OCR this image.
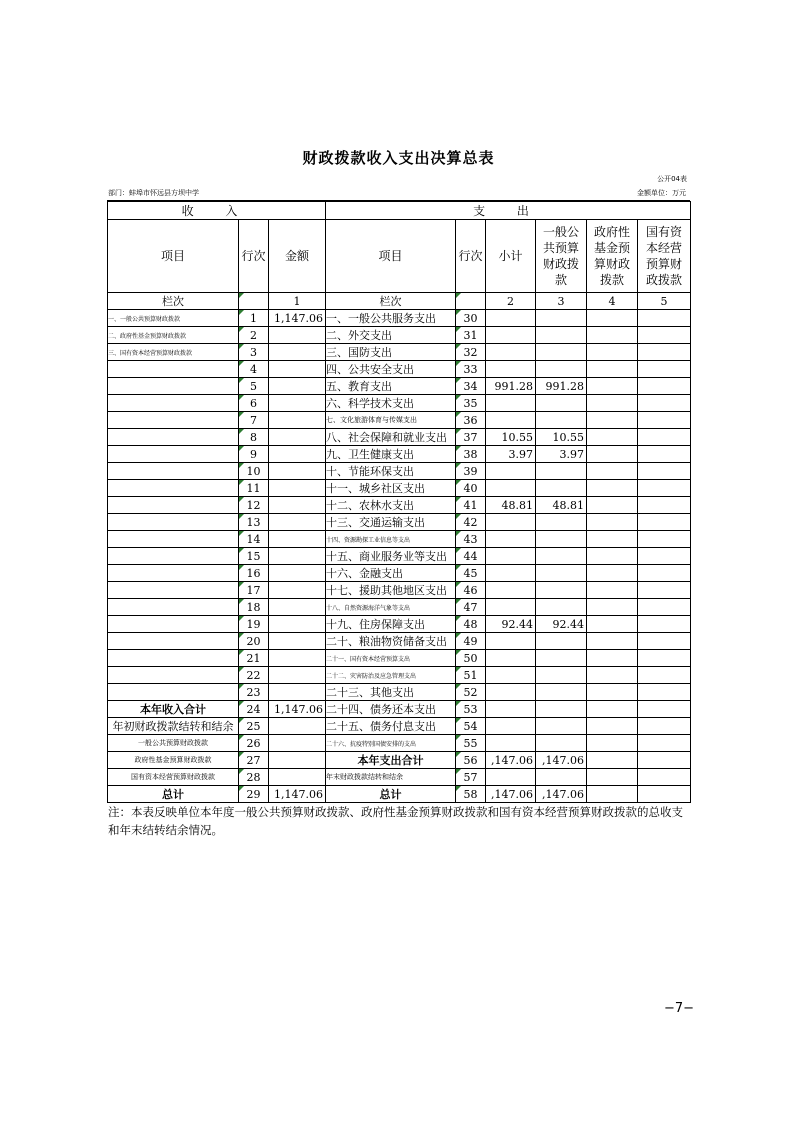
财政拨款收入支出决算总表
公开04表
部门：蚌埠市怀远县方坝中学	金额单位：万元
收 入			支 出					
项目	行次	金额	项目	行次	小计	一般公共预算财政拨款	政府性基金预算财政拨款	国有资本经营预算财政拨款
栏次		1	栏次		2	3	4	5
一、一般公共预算财政拨款	1	1,147.06	一、一般公共服务支出	30				
二、政府性基金预算财政拨款	2		二、外交支出	31				
三、国有资本经营预算财政拨款	3		三、国防支出	32				
	4		四、公共安全支出	33				
	5		五、教育支出	34	991.28	991.28		
	6		六、科学技术支出	35				
	7		七、文化旅游体育与传媒支出	36				
	8		八、社会保障和就业支出	37	10.55	10.55		
	9		九、卫生健康支出	38	3.97	3.97		
	10		十、节能环保支出	39				
	11		十一、城乡社区支出	40				
	12		十二、农林水支出	41	48.81	48.81		
	13		十三、交通运输支出	42				
	14		十四、资源勘探工业信息等支出	43				
	15		十五、商业服务业等支出	44				
	16		十六、金融支出	45				
	17		十七、援助其他地区支出	46				
	18		十八、自然资源海洋气象等支出	47				
	19		十九、住房保障支出	48	92.44	92.44		
	20		二十、粮油物资储备支出	49				
	21		二十一、国有资本经营预算支出	50				
	22		二十二、灾害防治及应急管理支出	51				
	23		二十三、其他支出	52				
本年收入合计	24	1,147.06	二十四、债务还本支出	53				
年初财政拨款结转和结余	25		二十五、债务付息支出	54				
一般公共预算财政拨款	26		二十六、抗疫特别国债安排的支出	55				
政府性基金预算财政拨款	27		本年支出合计	56	,147.06	,147.06		
国有资本经营预算财政拨款	28		年末财政拨款结转和结余	57				
总计	29	1,147.06	总计	58	,147.06	,147.06		
注：本表反映单位本年度一般公共预算财政拨款、政府性基金预算财政拨款和国有资本经营预算财政拨款的总收支和年末结转结余情况。
−7−
